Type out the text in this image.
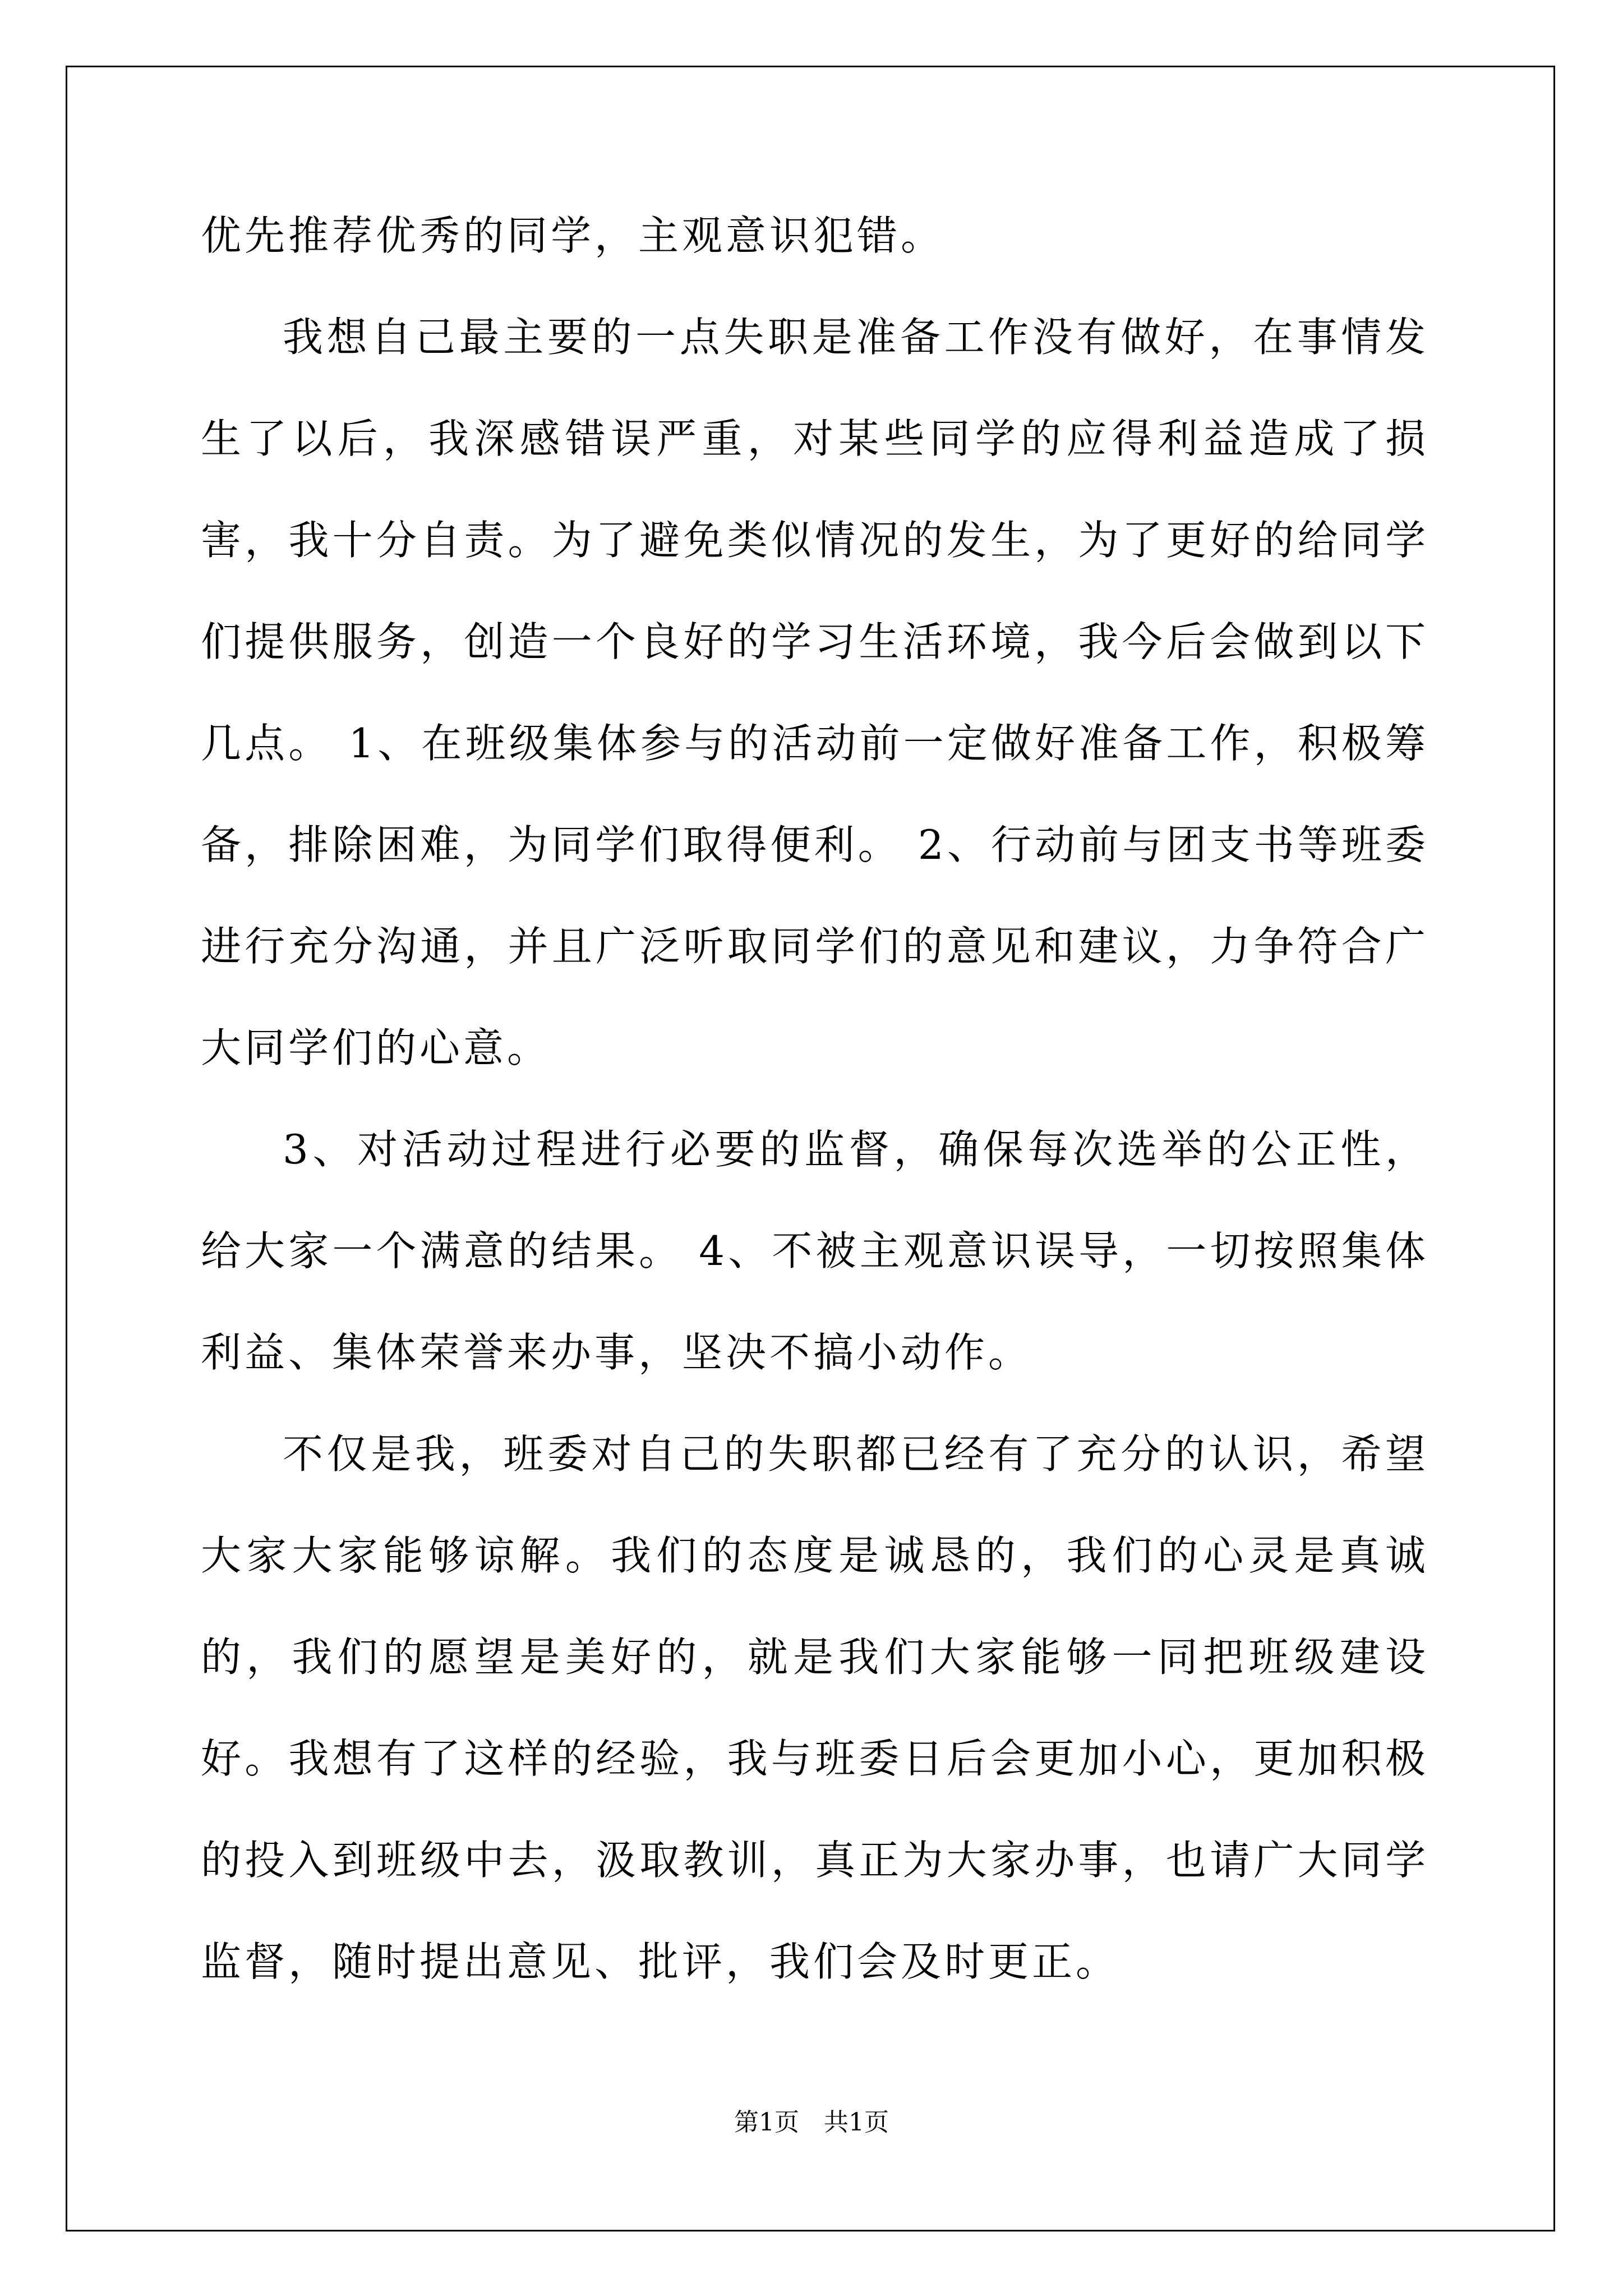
优先推荐优秀的同学，主观意识犯错。

我想自己最主要的一点失职是准备工作没有做好，在事情发生了以后，我深感错误严重，对某些同学的应得利益造成了损害，我十分自责。为了避免类似情况的发生，为了更好的给同学们提供服务，创造一个良好的学习生活环境，我今后会做到以下几点。 1、在班级集体参与的活动前一定做好准备工作，积极筹备，排除困难，为同学们取得便利。 2、行动前与团支书等班委进行充分沟通，并且广泛听取同学们的意见和建议，力争符合广大同学们的心意。

3、对活动过程进行必要的监督，确保每次选举的公正性，给大家一个满意的结果。 4、不被主观意识误导，一切按照集体利益、集体荣誉来办事，坚决不搞小动作。

不仅是我，班委对自己的失职都已经有了充分的认识，希望大家大家能够谅解。我们的态度是诚恳的，我们的心灵是真诚的，我们的愿望是美好的，就是我们大家能够一同把班级建设好。我想有了这样的经验，我与班委日后会更加小心，更加积极的投入到班级中去，汲取教训，真正为大家办事，也请广大同学监督，随时提出意见、批评，我们会及时更正。

第1页 共1页
